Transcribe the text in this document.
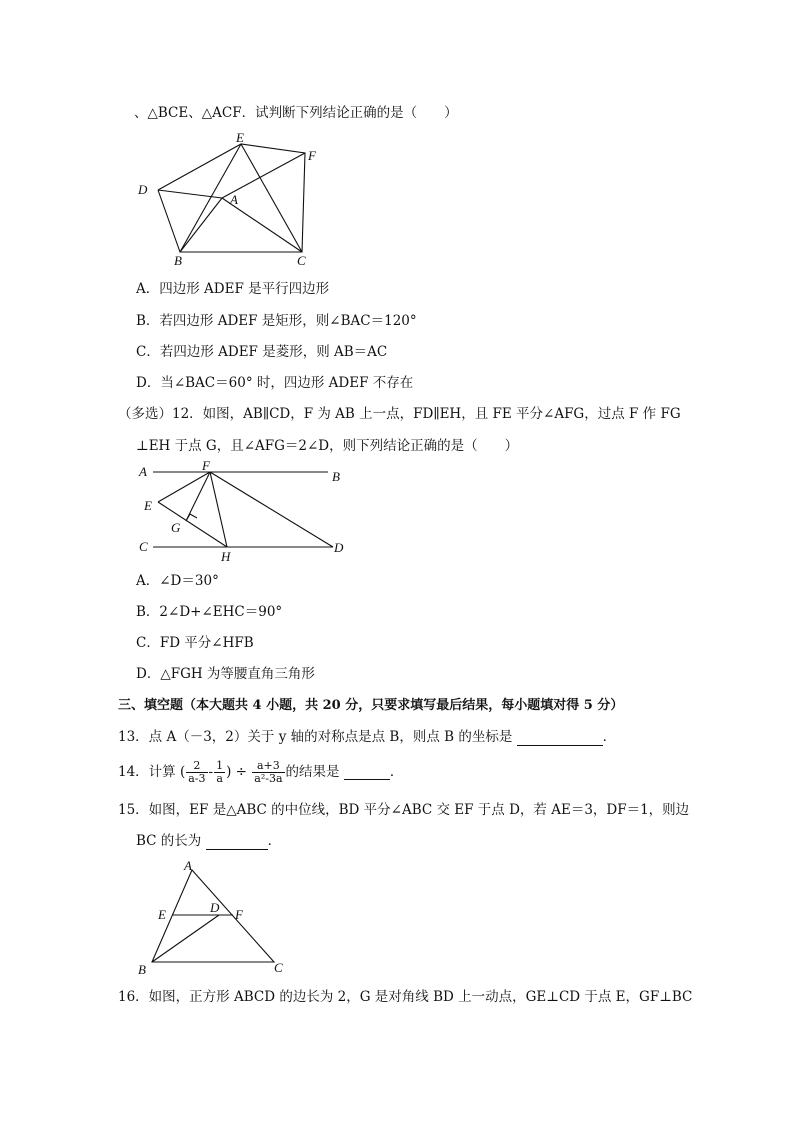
、△BCE、△ACF．试判断下列结论正确的是（　　）
E
F
D
A
B	C
A．四边形 ADEF 是平行四边形
B．若四边形 ADEF 是矩形，则∠BAC＝120°
C．若四边形 ADEF 是菱形，则 AB＝AC
D．当∠BAC＝60° 时，四边形 ADEF 不存在
（多选）12．如图，AB∥CD，F 为 AB 上一点，FD∥EH，且 FE 平分∠AFG，过点 F 作 FG
⊥EH 于点 G，且∠AFG＝2∠D，则下列结论正确的是（　　）
A	F
B
E
G
C
H
D
A．∠D＝30°
B．2∠D+∠EHC＝90°
C．FD 平分∠HFB
D．△FGH 为等腰直角三角形
三、填空题（本大题共 4 小题，共 20 分，只要求填写最后结果，每小题填对得 5 分）
13．点 A（－3，2）关于 y 轴的对称点是点 B，则点 B 的坐标是	．
14．计算 ( $\frac{2}{a-3} - \frac{1}{a}$ ) ÷ $\frac{a+3}{\text{a²-3a}}$ 的结果是	．
15．如图，EF 是△ABC 的中位线，BD 平分∠ABC 交 EF 于点 D，若 AE＝3，DF＝1，则边
BC 的长为	．
A
E	D F
B	C
16．如图，正方形 ABCD 的边长为 2，G 是对角线 BD 上一动点，GE⊥CD 于点 E，GF⊥BC
